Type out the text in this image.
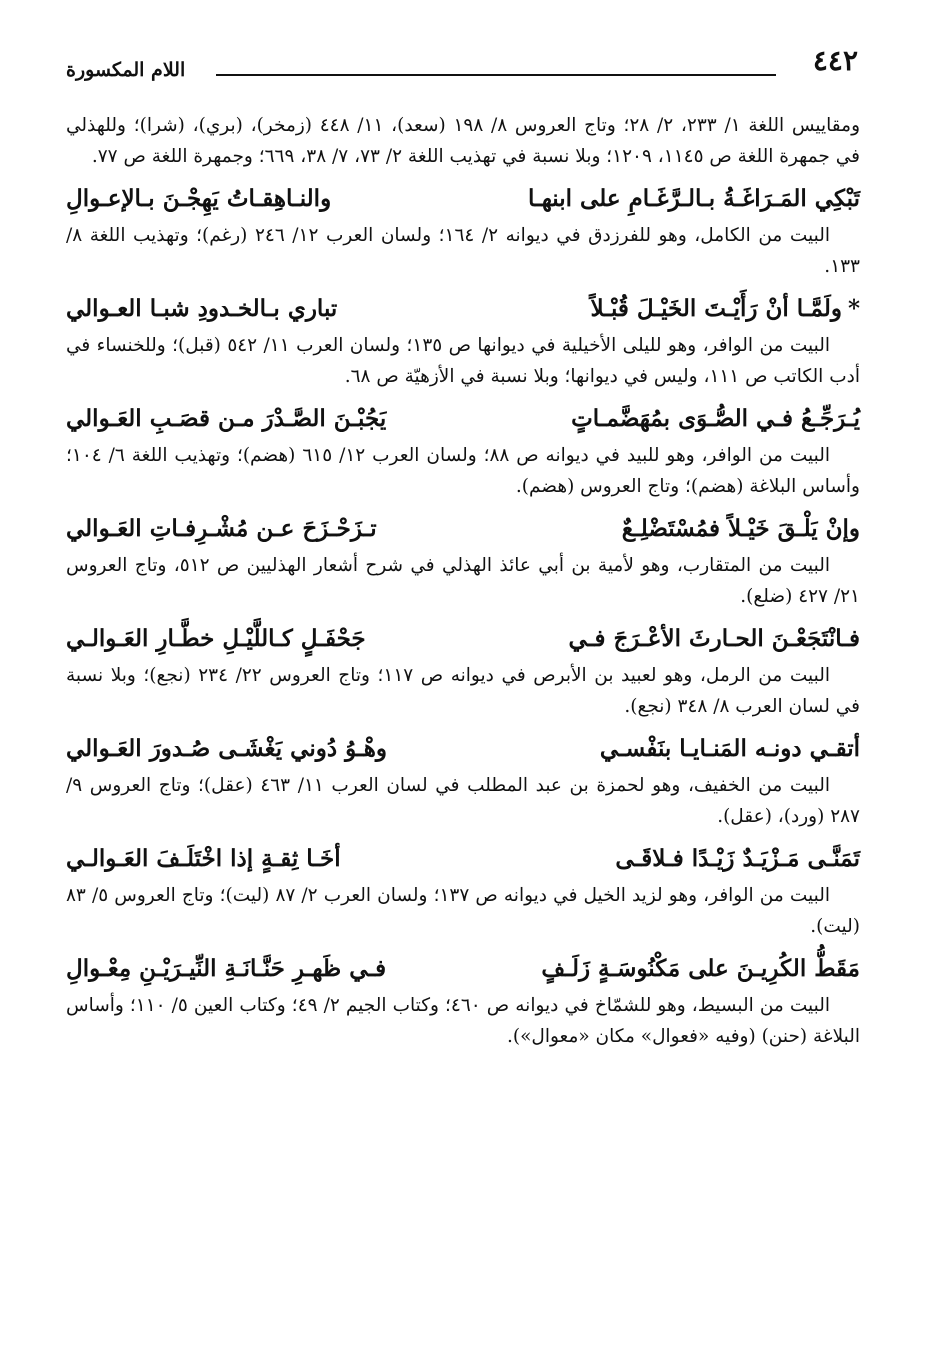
٤٤٢
اللام المكسورة

ومقاييس اللغة ١/ ٢٣٣، ٢/ ٢٨؛ وتاج العروس ٨/ ١٩٨ (سعد)، ١١/ ٤٤٨ (زمخر)، (بري)، (شرا)؛ وللهذلي في جمهرة اللغة ص ١١٤٥، ١٢٠٩؛ وبلا نسبة في تهذيب اللغة ٢/ ٧٣، ٧/ ٣٨، ٦٦٩؛ وجمهرة اللغة ص ٧٧.

تَبْكِي المَـرَاغَـةُ بـالـرَّغَـامِ على ابنهـا
والنـاهِقـاتُ يَهِجْـنَ بـالإعـوالِ

البيت من الكامل، وهو للفرزدق في ديوانه ٢/ ١٦٤؛ ولسان العرب ١٢/ ٢٤٦ (رغم)؛ وتهذيب اللغة ٨/ ١٣٣.

*ولَمَّـا أنْ رَأَيْـتَ الخَيْـلَ قُبْـلاً
تباري بـالخـدودِ شبـا العـوالي

البيت من الوافر، وهو لليلى الأخيلية في ديوانها ص ١٣٥؛ ولسان العرب ١١/ ٥٤٢ (قبل)؛ وللخنساء في أدب الكاتب ص ١١١، وليس في ديوانها؛ وبلا نسبة في الأزهيّة ص ٦٨.

يُـرَجِّـعُ فـي الصُّـوَى بمُهَضَّمـاتٍ
يَجُبْـنَ الصَّـدْرَ مـن قصَـبِ العَـوالي

البيت من الوافر، وهو للبيد في ديوانه ص ٨٨؛ ولسان العرب ١٢/ ٦١٥ (هضم)؛ وتهذيب اللغة ٦/ ١٠٤؛ وأساس البلاغة (هضم)؛ وتاج العروس (هضم).

وإنْ يَلْـقَ خَيْـلاً فمُسْتَضْلِـعٌ
تـزَحْـزَحَ عـن مُشْـرِفـاتِ العَـوالي

البيت من المتقارب، وهو لأمية بن أبي عائذ الهذلي في شرح أشعار الهذليين ص ٥١٢، وتاج العروس ٢١/ ٤٢٧ (ضلع).

فـانْتَجَعْـنَ الحـارثَ الأعْـرَجَ فـي
جَحْفَـلٍ كـاللَّيْـلِ خطَّـارِ العَـوالـي

البيت من الرمل، وهو لعبيد بن الأبرص في ديوانه ص ١١٧؛ وتاج العروس ٢٢/ ٢٣٤ (نجع)؛ وبلا نسبة في لسان العرب ٨/ ٣٤٨ (نجع).

أتقـي دونـه المَنـايـا بنَفْسـي
وهْـوُ دُوني يَغْشَـى صُـدورَ العَـوالي

البيت من الخفيف، وهو لحمزة بن عبد المطلب في لسان العرب ١١/ ٤٦٣ (عقل)؛ وتاج العروس ٩/ ٢٨٧ (ورد)، (عقل).

تَمَنَّـى مَـزْيَـدٌ زَيْـدًا فـلاقَـى
أخَـا ثِقـةٍ إذا اخْتَلَـفَ العَـوالـي

البيت من الوافر، وهو لزيد الخيل في ديوانه ص ١٣٧؛ ولسان العرب ٢/ ٨٧ (ليت)؛ وتاج العروس ٥/ ٨٣ (ليت).

مَقَطُّ الكُرِيـنَ على مَكْنُوسَـةٍ زَلَـفٍ
فـي ظَهـرِ حَنَّـانَـةِ النِّيـرَيْـنِ مِعْـوالِ

البيت من البسيط، وهو للشمّاخ في ديوانه ص ٤٦٠؛ وكتاب الجيم ٢/ ٤٩؛ وكتاب العين ٥/ ١١٠؛ وأساس البلاغة (حنن) (وفيه «فعوال» مكان «معوال»).
